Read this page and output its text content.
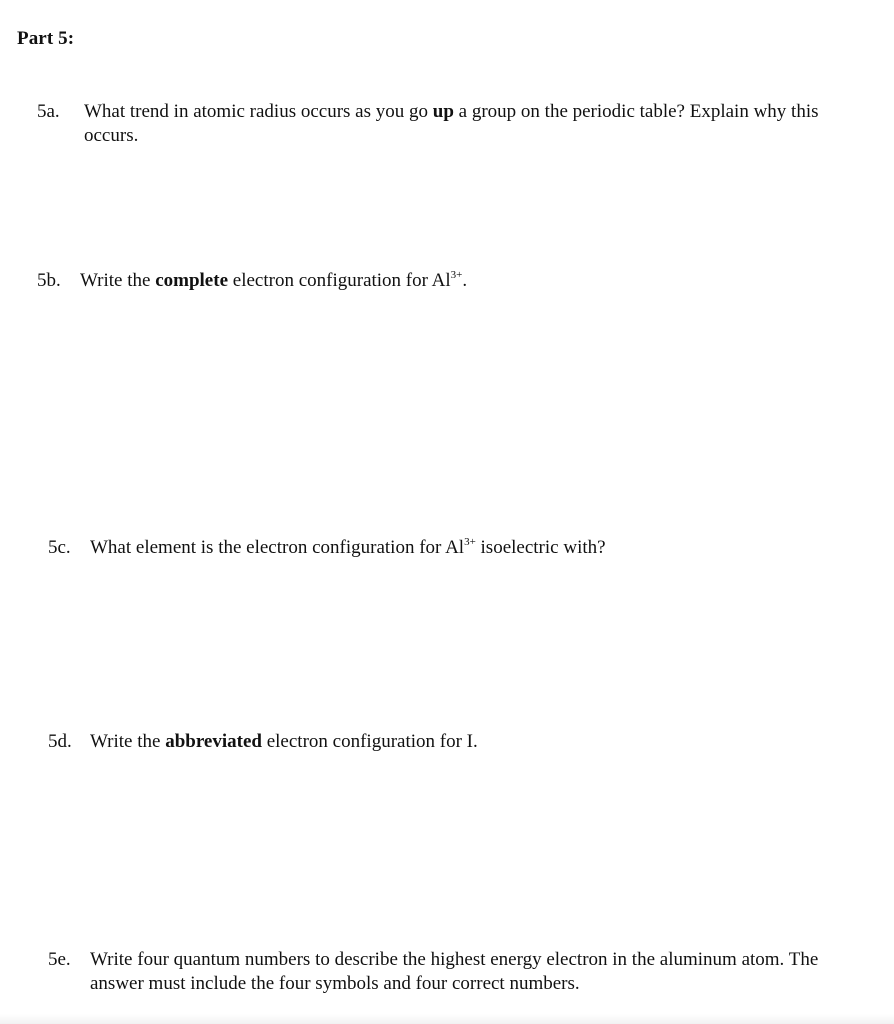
Part 5:
5a. What trend in atomic radius occurs as you go up a group on the periodic table? Explain why this occurs.
5b. Write the complete electron configuration for $Al^{3+}$.
5c. What element is the electron configuration for $Al^{3+}$ isoelectric with?
5d. Write the abbreviated electron configuration for I.
5e. Write four quantum numbers to describe the highest energy electron in the aluminum atom. The answer must include the four symbols and four correct numbers.
